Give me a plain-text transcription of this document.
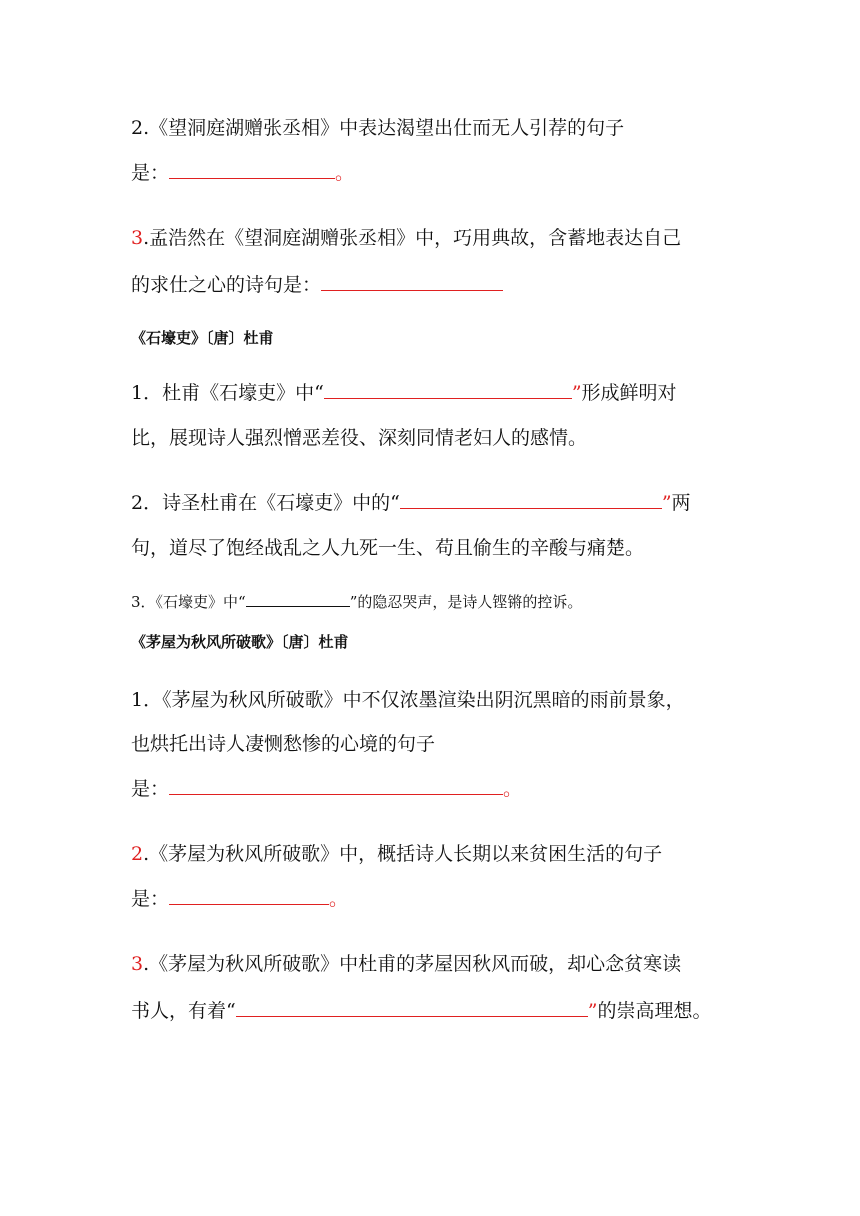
2.《望洞庭湖赠张丞相》中表达渴望出仕而无人引荐的句子
是：	。
3.孟浩然在《望洞庭湖赠张丞相》中，巧用典故，含蓄地表达自己
的求仕之心的诗句是：
《石壕吏》〔唐〕杜甫
1．杜甫《石壕吏》中“	”形成鲜明对
比，展现诗人强烈憎恶差役、深刻同情老妇人的感情。
2．诗圣杜甫在《石壕吏》中的“	”两
句，道尽了饱经战乱之人九死一生、苟且偷生的辛酸与痛楚。
3．《石壕吏》中“	”的隐忍哭声，是诗人铿锵的控诉。
《茅屋为秋风所破歌》〔唐〕杜甫
1．《茅屋为秋风所破歌》中不仅浓墨渲染出阴沉黑暗的雨前景象，
也烘托出诗人凄恻愁惨的心境的句子
是：	。
2.《茅屋为秋风所破歌》中，概括诗人长期以来贫困生活的句子
是：	。
3.《茅屋为秋风所破歌》中杜甫的茅屋因秋风而破，却心念贫寒读
书人，有着“	”的崇高理想。
